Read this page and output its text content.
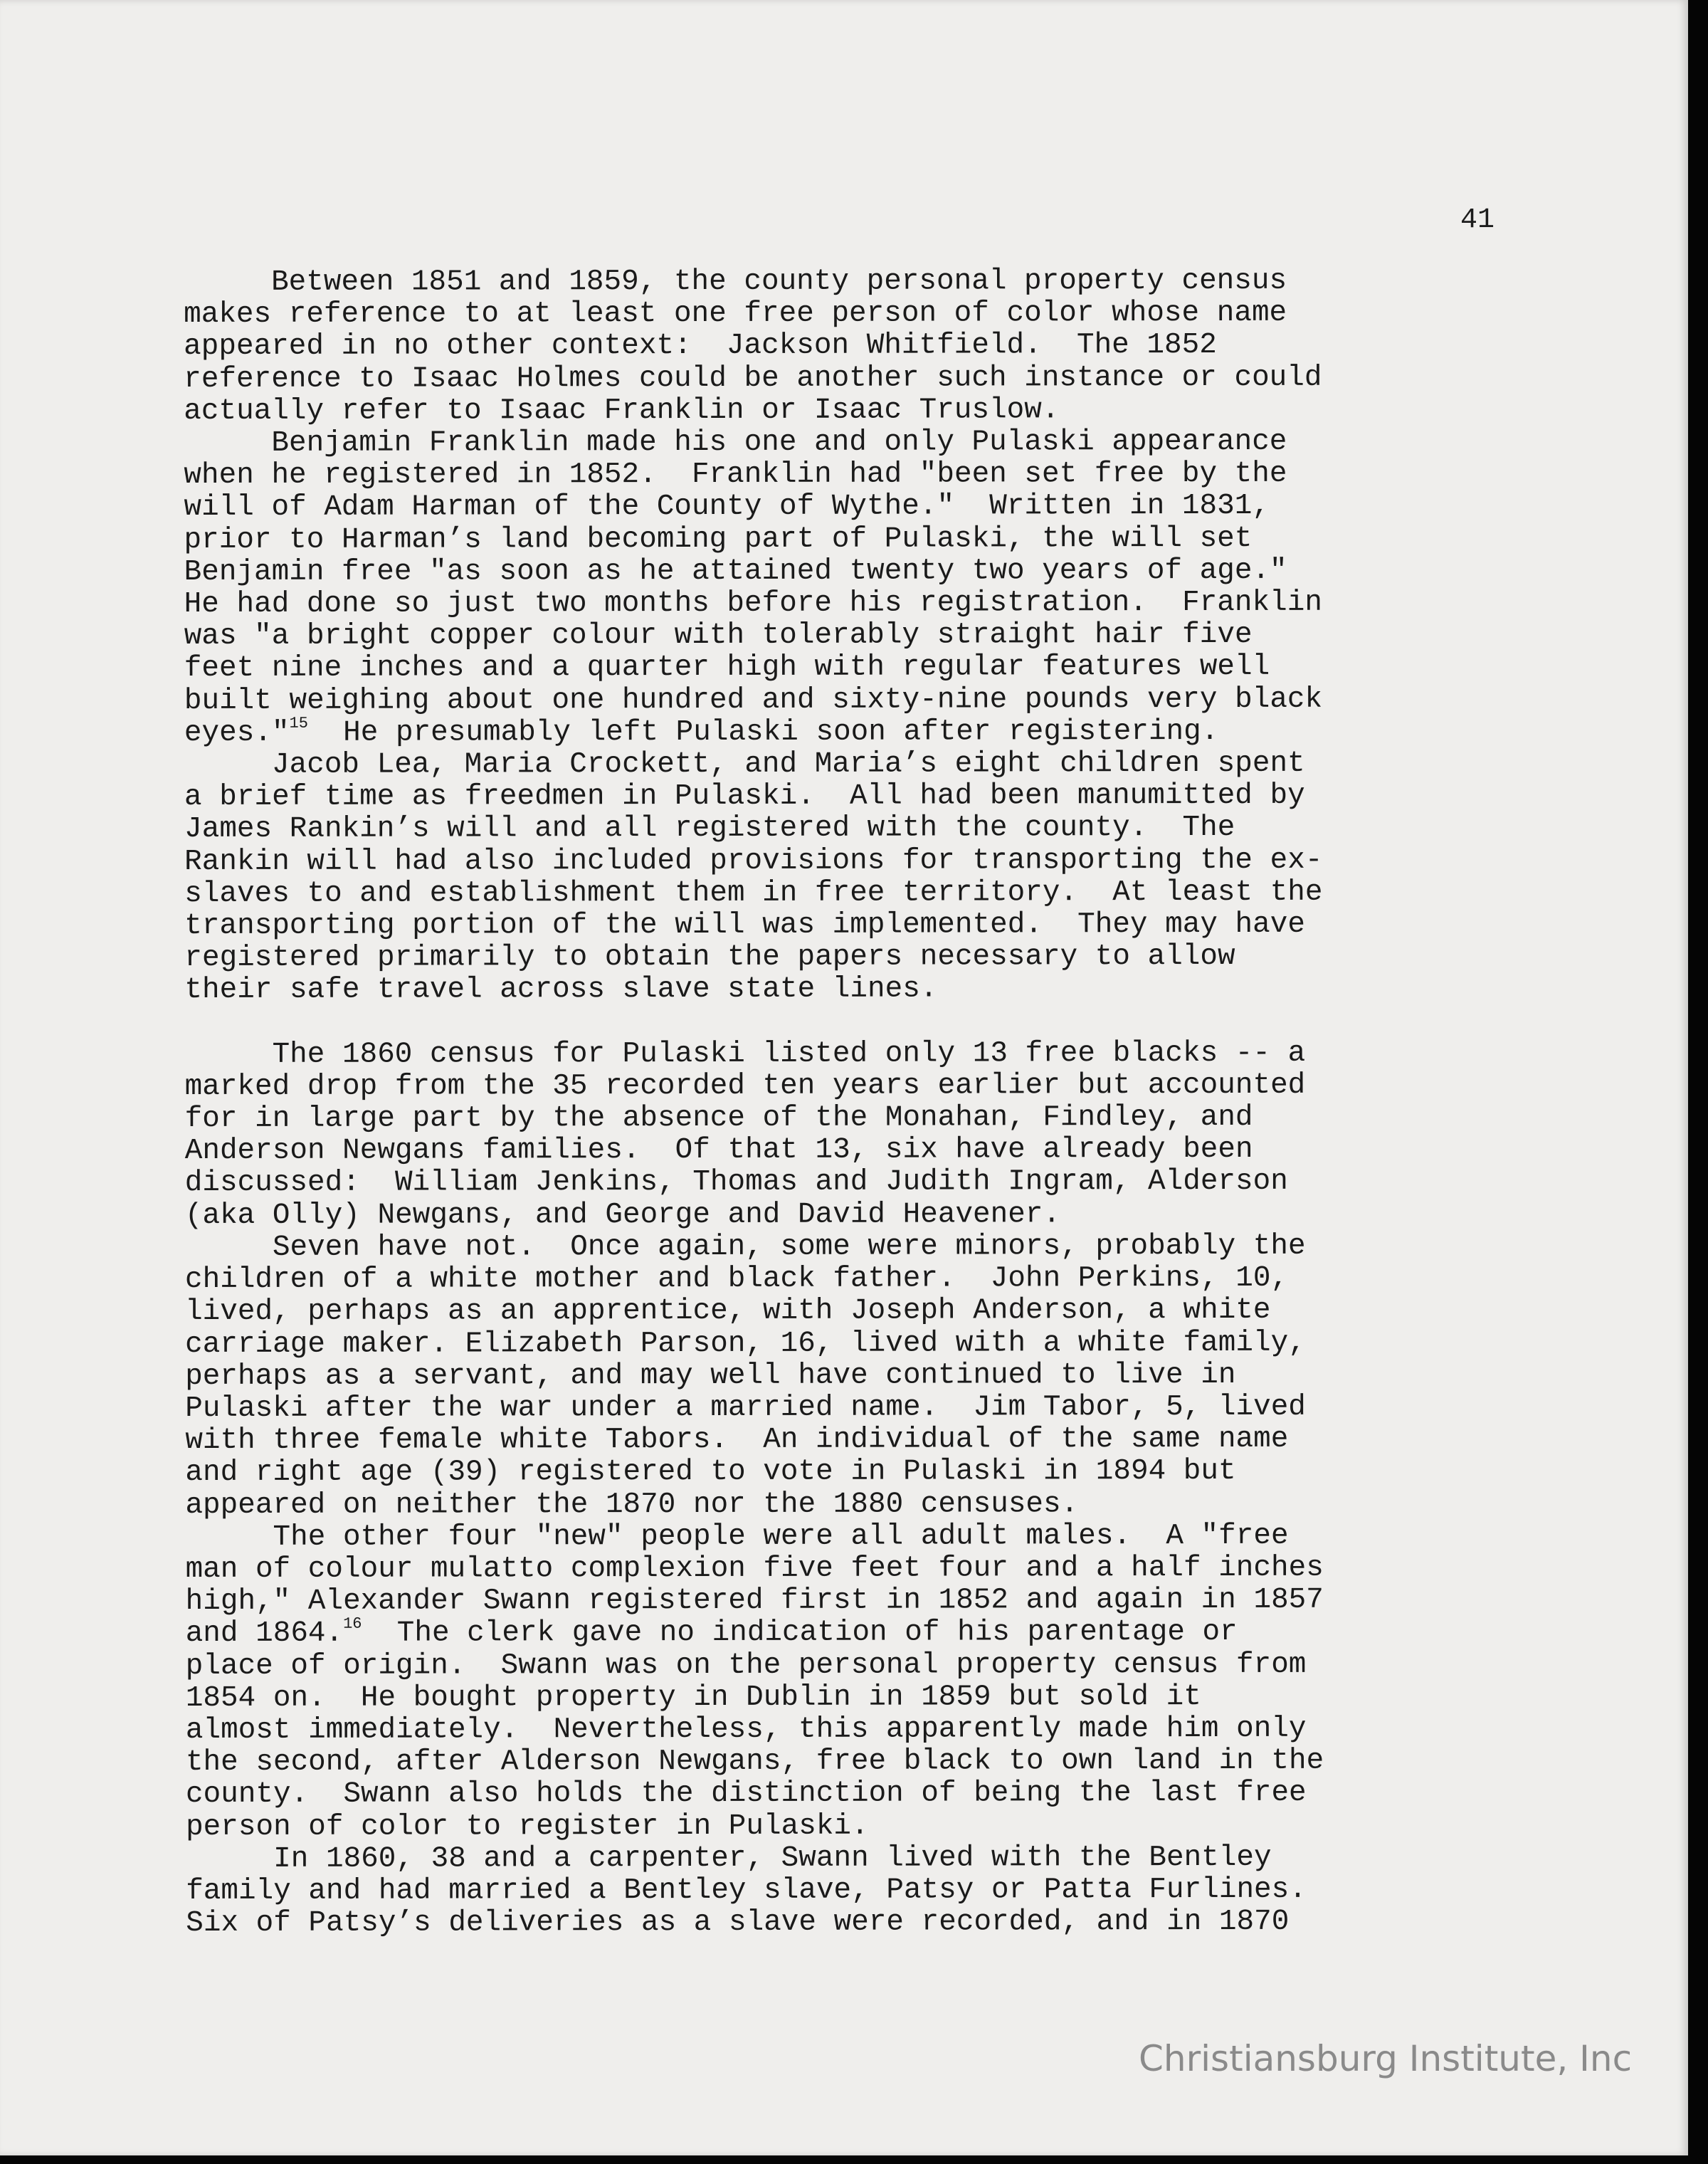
41

Between 1851 and 1859, the county personal property census
makes reference to at least one free person of color whose name
appeared in no other context:  Jackson Whitfield.  The 1852
reference to Isaac Holmes could be another such instance or could
actually refer to Isaac Franklin or Isaac Truslow.

Benjamin Franklin made his one and only Pulaski appearance
when he registered in 1852.  Franklin had "been set free by the
will of Adam Harman of the County of Wythe."  Written in 1831,
prior to Harman’s land becoming part of Pulaski, the will set
Benjamin free "as soon as he attained twenty two years of age."
He had done so just two months before his registration.  Franklin
was "a bright copper colour with tolerably straight hair five
feet nine inches and a quarter high with regular features well
built weighing about one hundred and sixty-nine pounds very black
eyes."$^{15}$  He presumably left Pulaski soon after registering.

Jacob Lea, Maria Crockett, and Maria’s eight children spent
a brief time as freedmen in Pulaski.  All had been manumitted by
James Rankin’s will and all registered with the county.  The
Rankin will had also included provisions for transporting the ex-
slaves to and establishment them in free territory.  At least the
transporting portion of the will was implemented.  They may have
registered primarily to obtain the papers necessary to allow
their safe travel across slave state lines.

The 1860 census for Pulaski listed only 13 free blacks -- a
marked drop from the 35 recorded ten years earlier but accounted
for in large part by the absence of the Monahan, Findley, and
Anderson Newgans families.  Of that 13, six have already been
discussed:  William Jenkins, Thomas and Judith Ingram, Alderson
(aka Olly) Newgans, and George and David Heavener.

Seven have not.  Once again, some were minors, probably the
children of a white mother and black father.  John Perkins, 10,
lived, perhaps as an apprentice, with Joseph Anderson, a white
carriage maker. Elizabeth Parson, 16, lived with a white family,
perhaps as a servant, and may well have continued to live in
Pulaski after the war under a married name.  Jim Tabor, 5, lived
with three female white Tabors.  An individual of the same name
and right age (39) registered to vote in Pulaski in 1894 but
appeared on neither the 1870 nor the 1880 censuses.

The other four "new" people were all adult males.  A "free
man of colour mulatto complexion five feet four and a half inches
high," Alexander Swann registered first in 1852 and again in 1857
and 1864.16  The clerk gave no indication of his parentage or
place of origin.  Swann was on the personal property census from
1854 on.  He bought property in Dublin in 1859 but sold it
almost immediately.  Nevertheless, this apparently made him only
the second, after Alderson Newgans, free black to own land in the
county.  Swann also holds the distinction of being the last free
person of color to register in Pulaski.

In 1860, 38 and a carpenter, Swann lived with the Bentley
family and had married a Bentley slave, Patsy or Patta Furlines.
Six of Patsy’s deliveries as a slave were recorded, and in 1870

Christiansburg Institute, Inc
